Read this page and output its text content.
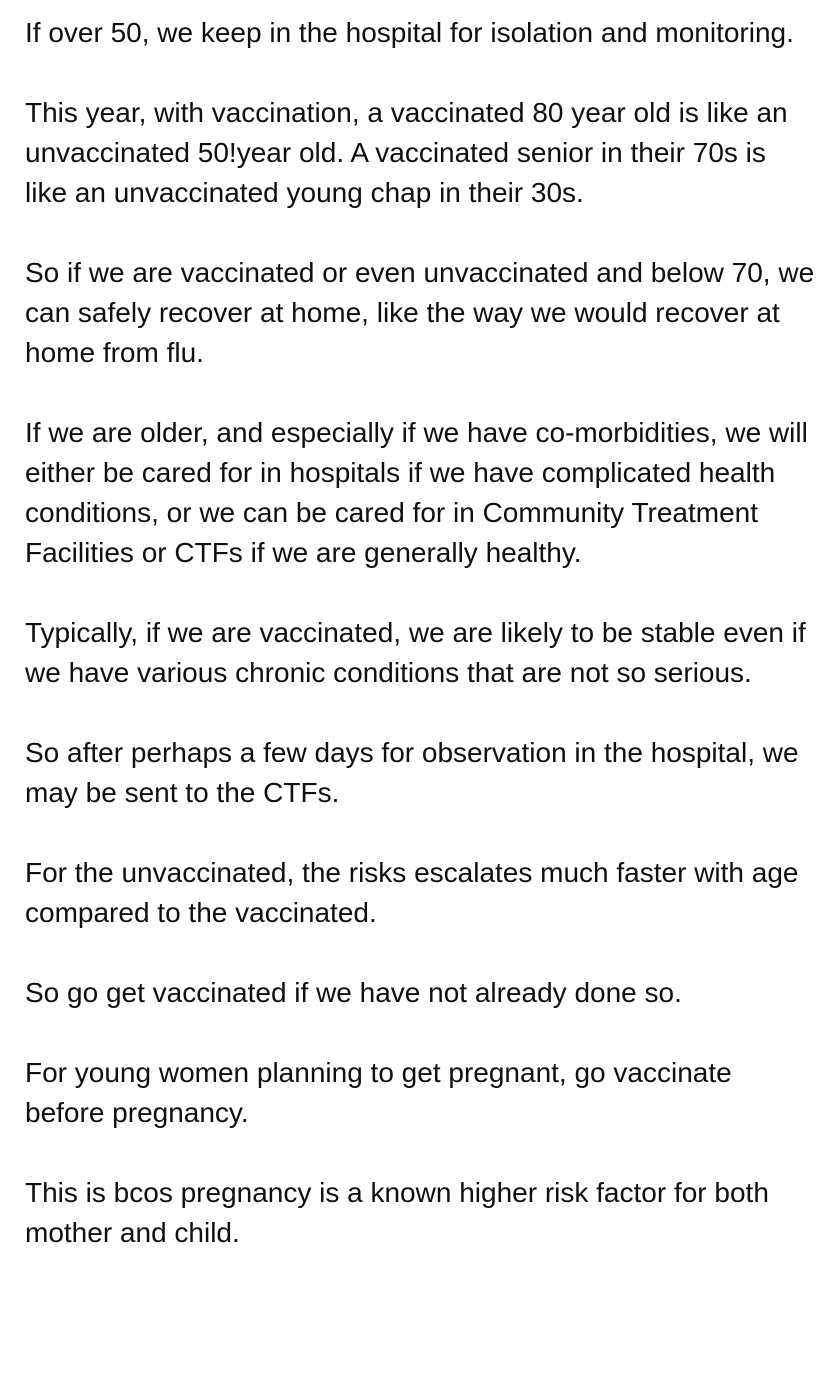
If over 50, we keep in the hospital for isolation and monitoring.

This year, with vaccination, a vaccinated 80 year old is like an unvaccinated 50!year old. A vaccinated senior in their 70s is like an unvaccinated young chap in their 30s.

So if we are vaccinated or even unvaccinated and below 70, we can safely recover at home, like the way we would recover at home from flu.

If we are older, and especially if we have co-morbidities, we will either be cared for in hospitals if we have complicated health conditions, or we can be cared for in Community Treatment Facilities or CTFs if we are generally healthy.

Typically, if we are vaccinated, we are likely to be stable even if we have various chronic conditions that are not so serious.

So after perhaps a few days for observation in the hospital, we may be sent to the CTFs.

For the unvaccinated, the risks escalates much faster with age compared to the vaccinated.

So go get vaccinated if we have not already done so.

For young women planning to get pregnant, go vaccinate before pregnancy.

This is bcos pregnancy is a known higher risk factor for both mother and child.
